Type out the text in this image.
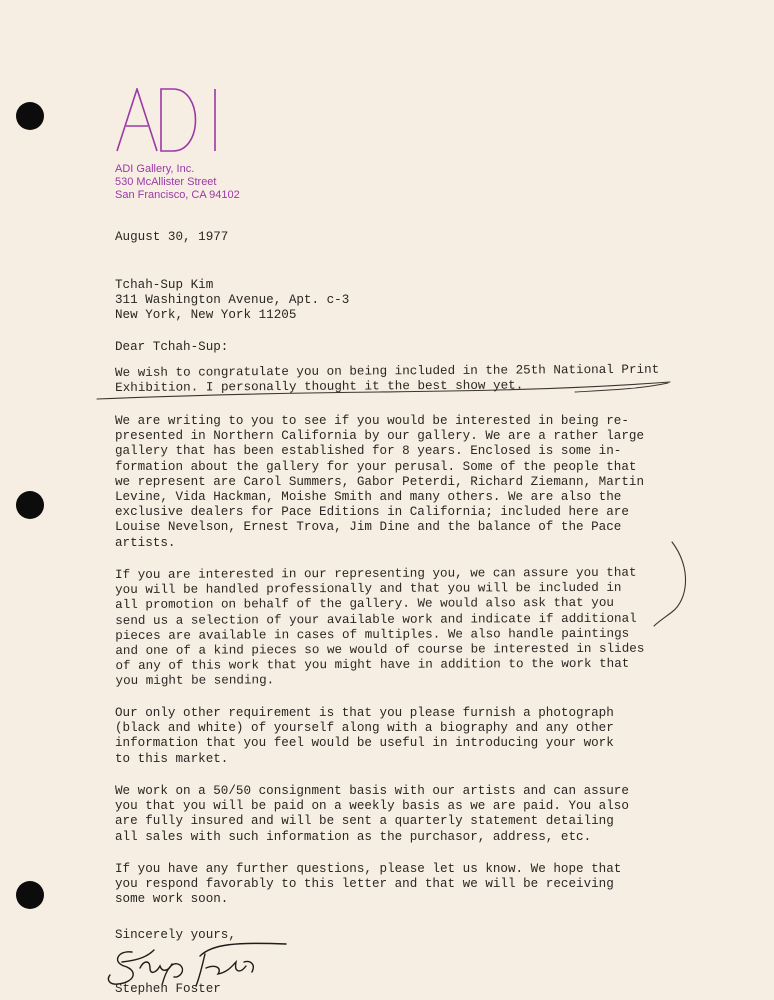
ADI Gallery, Inc.
530 McAllister Street
San Francisco, CA 94102
August 30, 1977
Tchah-Sup Kim
311 Washington Avenue, Apt. c-3
New York, New York 11205
Dear Tchah-Sup:
We wish to congratulate you on being included in the 25th National Print
Exhibition. I personally thought it the best show yet.
We are writing to you to see if you would be interested in being re-
presented in Northern California by our gallery. We are a rather large
gallery that has been established for 8 years. Enclosed is some in-
formation about the gallery for your perusal. Some of the people that
we represent are Carol Summers, Gabor Peterdi, Richard Ziemann, Martin
Levine, Vida Hackman, Moishe Smith and many others. We are also the
exclusive dealers for Pace Editions in California; included here are
Louise Nevelson, Ernest Trova, Jim Dine and the balance of the Pace
artists.
If you are interested in our representing you, we can assure you that
you will be handled professionally and that you will be included in
all promotion on behalf of the gallery. We would also ask that you
send us a selection of your available work and indicate if additional
pieces are available in cases of multiples. We also handle paintings
and one of a kind pieces so we would of course be interested in slides
of any of this work that you might have in addition to the work that
you might be sending.
Our only other requirement is that you please furnish a photograph
(black and white) of yourself along with a biography and any other
information that you feel would be useful in introducing your work
to this market.
We work on a 50/50 consignment basis with our artists and can assure
you that you will be paid on a weekly basis as we are paid. You also
are fully insured and will be sent a quarterly statement detailing
all sales with such information as the purchasor, address, etc.
If you have any further questions, please let us know. We hope that
you respond favorably to this letter and that we will be receiving
some work soon.
Sincerely yours,
Stephen Foster
